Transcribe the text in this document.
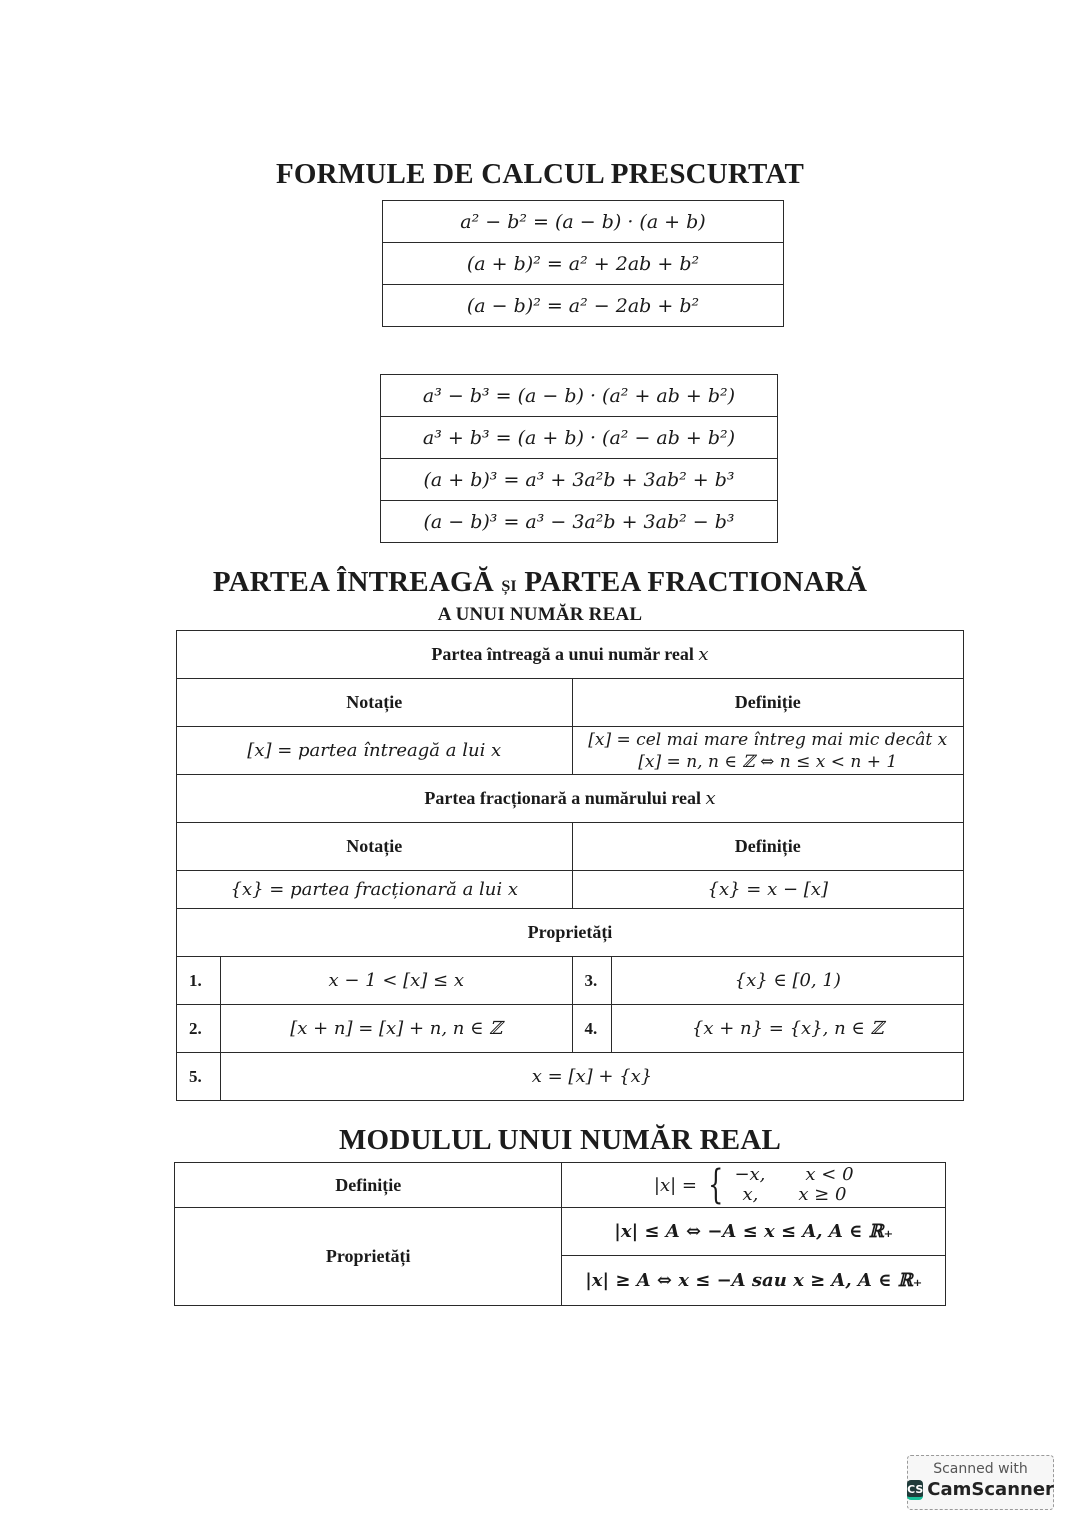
FORMULE DE CALCUL PRESCURTAT
a² − b² = (a − b) · (a + b)
(a + b)² = a² + 2ab + b²
(a − b)² = a² − 2ab + b²
a³ − b³ = (a − b) · (a² + ab + b²)
a³ + b³ = (a + b) · (a² − ab + b²)
(a + b)³ = a³ + 3a²b + 3ab² + b³
(a − b)³ = a³ − 3a²b + 3ab² − b³
PARTEA ÎNTREAGĂ ȘI PARTEA FRACTIONARĂ
A UNUI NUMĂR REAL
Partea întreagă a unui număr real x			
Notație		Definiție	
[x] = partea întreagă a lui x		[x] = cel mai mare întreg mai mic decât x
[x] = n, n ∈ ℤ ⇔ n ≤ x < n + 1	

Partea fracționară a numărului real x			
Notație		Definiție	
{x} = partea fracționară a lui x		{x} = x − [x]	
Proprietăți			
1.	x − 1 < [x] ≤ x	3.	{x} ∈ [0, 1)
2.	[x + n] = [x] + n, n ∈ ℤ	4.	{x + n} = {x}, n ∈ ℤ
5.	x = [x] + {x}		
MODULUL UNUI NUMĂR REAL
Definiție	|x| = { −x, x < 0
x, x ≥ 0

Proprietăți	|x| ≤ A ⇔ −A ≤ x ≤ A, A ∈ ℝ₊
	|x| ≥ A ⇔ x ≤ −A sau x ≥ A, A ∈ ℝ₊
Scanned with
CS CamScanner
